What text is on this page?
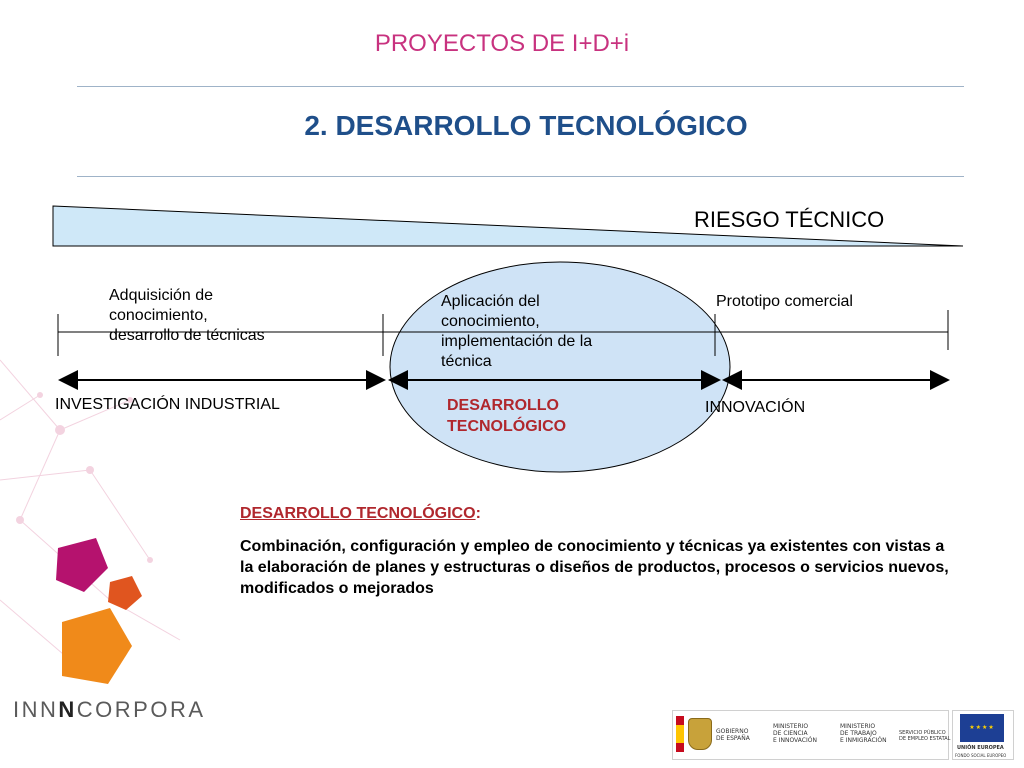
PROYECTOS DE I+D+i
2. DESARROLLO TECNOLÓGICO
RIESGO TÉCNICO
Adquisición de
conocimiento,
desarrollo de técnicas
Aplicación del
conocimiento,
implementación de la
técnica
Prototipo comercial
INVESTIGACIÓN INDUSTRIAL	DESARROLLO
TECNOLÓGICO
INNOVACIÓN
DESARROLLO TECNOLÓGICO:
Combinación, configuración y empleo de conocimiento y técnicas ya existentes con vistas a la elaboración de planes y estructuras o diseños de productos, procesos o servicios nuevos, modificados o mejorados
INNNCORPORA
GOBIERNO
DE ESPAÑA
MINISTERIO
DE CIENCIA
E INNOVACIÓN
MINISTERIO
DE TRABAJO
E INMIGRACIÓN
SERVICIO PÚBLICO
DE EMPLEO ESTATAL
★★★★
UNIÓN EUROPEA
FONDO SOCIAL EUROPEO
